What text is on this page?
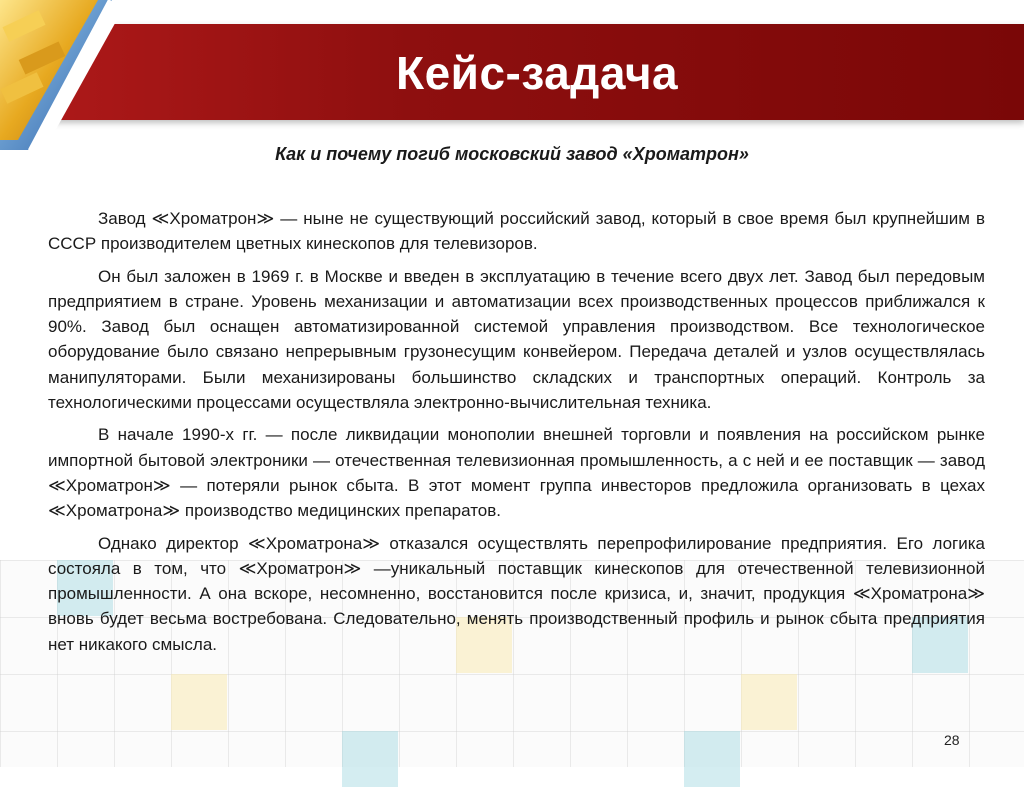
Кейс-задача
Как и почему погиб московский завод «Хроматрон»

Завод ≪Хроматрон≫ — ныне не существующий российский завод, который в свое время был крупнейшим в СССР производителем цветных кинескопов для телевизоров.

Он был заложен в 1969 г. в Москве и введен в эксплуатацию в течение всего двух лет. Завод был передовым предприятием в стране. Уровень механизации и автоматизации всех производственных процессов приближался к 90%. Завод был оснащен автоматизированной системой управления производством. Все технологическое оборудование было связано непрерывным грузонесущим конвейером. Передача деталей и узлов осуществлялась манипуляторами. Были механизированы большинство складских и транспортных операций. Контроль за технологическими процессами осуществляла электронно-вычислительная техника.

В начале 1990-х гг. — после ликвидации монополии внешней торговли и появления на российском рынке импортной бытовой электроники — отечественная телевизионная промышленность, а с ней и ее поставщик — завод ≪Хроматрон≫ — потеряли рынок сбыта. В этот момент группа инвесторов предложила организовать в цехах ≪Хроматрона≫ производство медицинских препаратов.

Однако директор ≪Хроматрона≫ отказался осуществлять перепрофилирование предприятия. Его логика состояла в том, что ≪Хроматрон≫ —уникальный поставщик кинескопов для отечественной телевизионной промышленности. А она вскоре, несомненно, восстановится после кризиса, и, значит, продукция ≪Хроматрона≫ вновь будет весьма востребована. Следовательно, менять производственный профиль и рынок сбыта предприятия нет никакого смысла.

28
